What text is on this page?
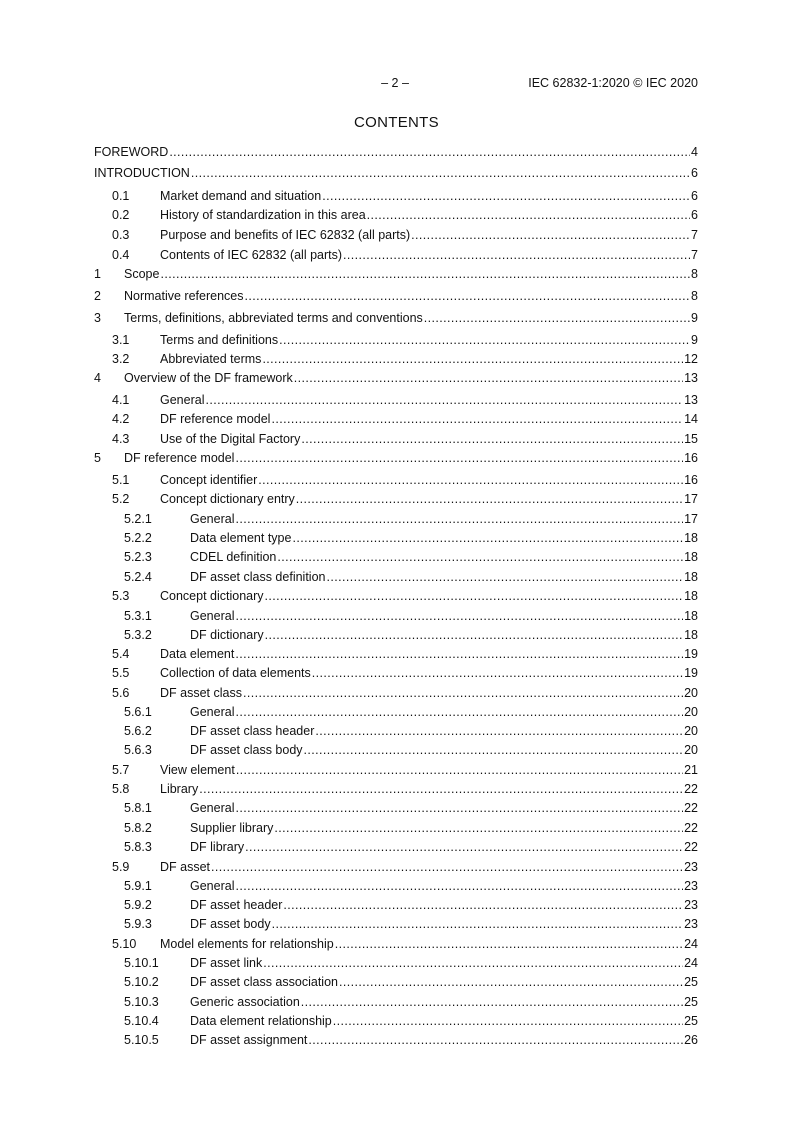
– 2 –	IEC 62832-1:2020 © IEC 2020
CONTENTS
FOREWORD .....	4
INTRODUCTION .....	6
0.1	Market demand and situation .....	6
0.2	History of standardization in this area .....	6
0.3	Purpose and benefits of IEC 62832 (all parts) .....	7
0.4	Contents of IEC 62832 (all parts) .....	7
1	Scope .....	8
2	Normative references .....	8
3	Terms, definitions, abbreviated terms and conventions .....	9
3.1	Terms and definitions .....	9
3.2	Abbreviated terms .....	12
4	Overview of the DF framework .....	13
4.1	General .....	13
4.2	DF reference model .....	14
4.3	Use of the Digital Factory .....	15
5	DF reference model .....	16
5.1	Concept identifier .....	16
5.2	Concept dictionary entry .....	17
5.2.1	General .....	17
5.2.2	Data element type .....	18
5.2.3	CDEL definition .....	18
5.2.4	DF asset class definition .....	18
5.3	Concept dictionary .....	18
5.3.1	General .....	18
5.3.2	DF dictionary .....	18
5.4	Data element .....	19
5.5	Collection of data elements .....	19
5.6	DF asset class .....	20
5.6.1	General .....	20
5.6.2	DF asset class header .....	20
5.6.3	DF asset class body .....	20
5.7	View element .....	21
5.8	Library .....	22
5.8.1	General .....	22
5.8.2	Supplier library .....	22
5.8.3	DF library .....	22
5.9	DF asset .....	23
5.9.1	General .....	23
5.9.2	DF asset header .....	23
5.9.3	DF asset body .....	23
5.10	Model elements for relationship .....	24
5.10.1	DF asset link .....	24
5.10.2	DF asset class association .....	25
5.10.3	Generic association .....	25
5.10.4	Data element relationship .....	25
5.10.5	DF asset assignment .....	26
